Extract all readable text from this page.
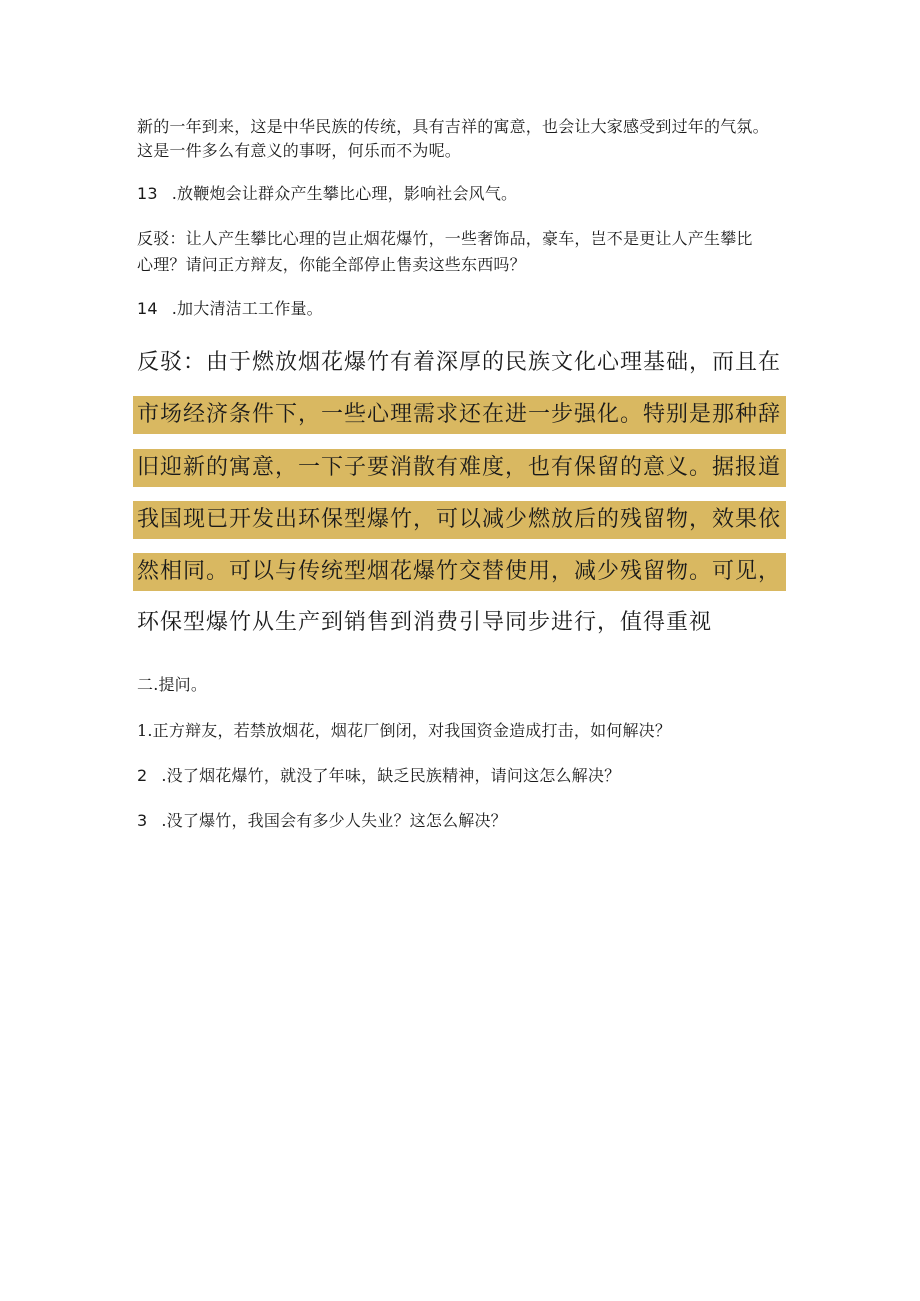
新的一年到来，这是中华民族的传统，具有吉祥的寓意，也会让大家感受到过年的气氛。
这是一件多么有意义的事呀，何乐而不为呢。
13 .放鞭炮会让群众产生攀比心理，影响社会风气。
反驳：让人产生攀比心理的岂止烟花爆竹，一些奢饰品，豪车，岂不是更让人产生攀比
心理？请问正方辩友，你能全部停止售卖这些东西吗？
14 .加大清洁工工作量。
反驳：由于燃放烟花爆竹有着深厚的民族文化心理基础，而且在
市场经济条件下，一些心理需求还在进一步强化。特别是那种辞
旧迎新的寓意，一下子要消散有难度，也有保留的意义。据报道
我国现已开发出环保型爆竹，可以减少燃放后的残留物，效果依
然相同。可以与传统型烟花爆竹交替使用，减少残留物。可见，
环保型爆竹从生产到销售到消费引导同步进行，值得重视
二.提问。
1.正方辩友，若禁放烟花，烟花厂倒闭，对我国资金造成打击，如何解决？
2 .没了烟花爆竹，就没了年味，缺乏民族精神，请问这怎么解决？
3 .没了爆竹，我国会有多少人失业？这怎么解决？
